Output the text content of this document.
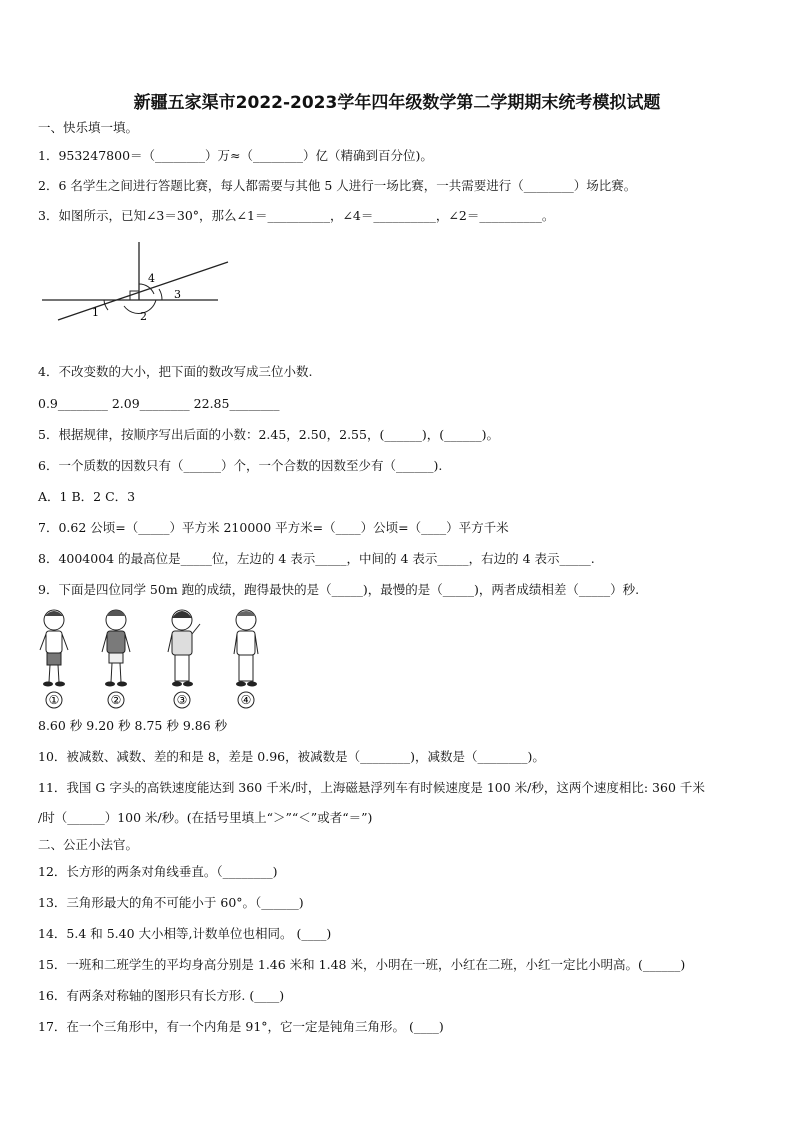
新疆五家渠市2022-2023学年四年级数学第二学期期末统考模拟试题
一、快乐填一填。
1．953247800＝（________）万≈（________）亿（精确到百分位)。
2．6 名学生之间进行答题比赛，每人都需要与其他 5 人进行一场比赛，一共需要进行（________）场比赛。
3．如图所示，已知∠3＝30°，那么∠1＝__________，∠4＝__________，∠2＝__________。
4
3
1	2
4．不改变数的大小，把下面的数改写成三位小数.
0.9________ 2.09________ 22.85________
5．根据规律，按顺序写出后面的小数：2.45，2.50，2.55，(______)，(______)。
6．一个质数的因数只有（______）个，一个合数的因数至少有（______).
A．1 B．2 C．3
7．0.62 公顷=（_____）平方米 210000 平方米=（____）公顷=（____）平方千米
8．4004004 的最高位是_____位，左边的 4 表示_____，中间的 4 表示_____，右边的 4 表示_____.
9．下面是四位同学 50m 跑的成绩，跑得最快的是（_____)，最慢的是（_____)，两者成绩相差（_____）秒.
①	②	③	④
8.60 秒 9.20 秒 8.75 秒 9.86 秒
10．被减数、减数、差的和是 8，差是 0.96，被减数是（________)，减数是（________)。
11．我国 G 字头的高铁速度能达到 360 千米/时，上海磁悬浮列车有时候速度是 100 米/秒，这两个速度相比: 360 千米
/时（______）100 米/秒。(在括号里填上“＞”“＜”或者“＝”)
二、公正小法官。
12．长方形的两条对角线垂直。（________)
13．三角形最大的角不可能小于 60°。（______)
14．5.4 和 5.40 大小相等,计数单位也相同。 (____)
15．一班和二班学生的平均身高分别是 1.46 米和 1.48 米，小明在一班，小红在二班，小红一定比小明高。(______)
16．有两条对称轴的图形只有长方形. (____)
17．在一个三角形中，有一个内角是 91°，它一定是钝角三角形。 (____)
